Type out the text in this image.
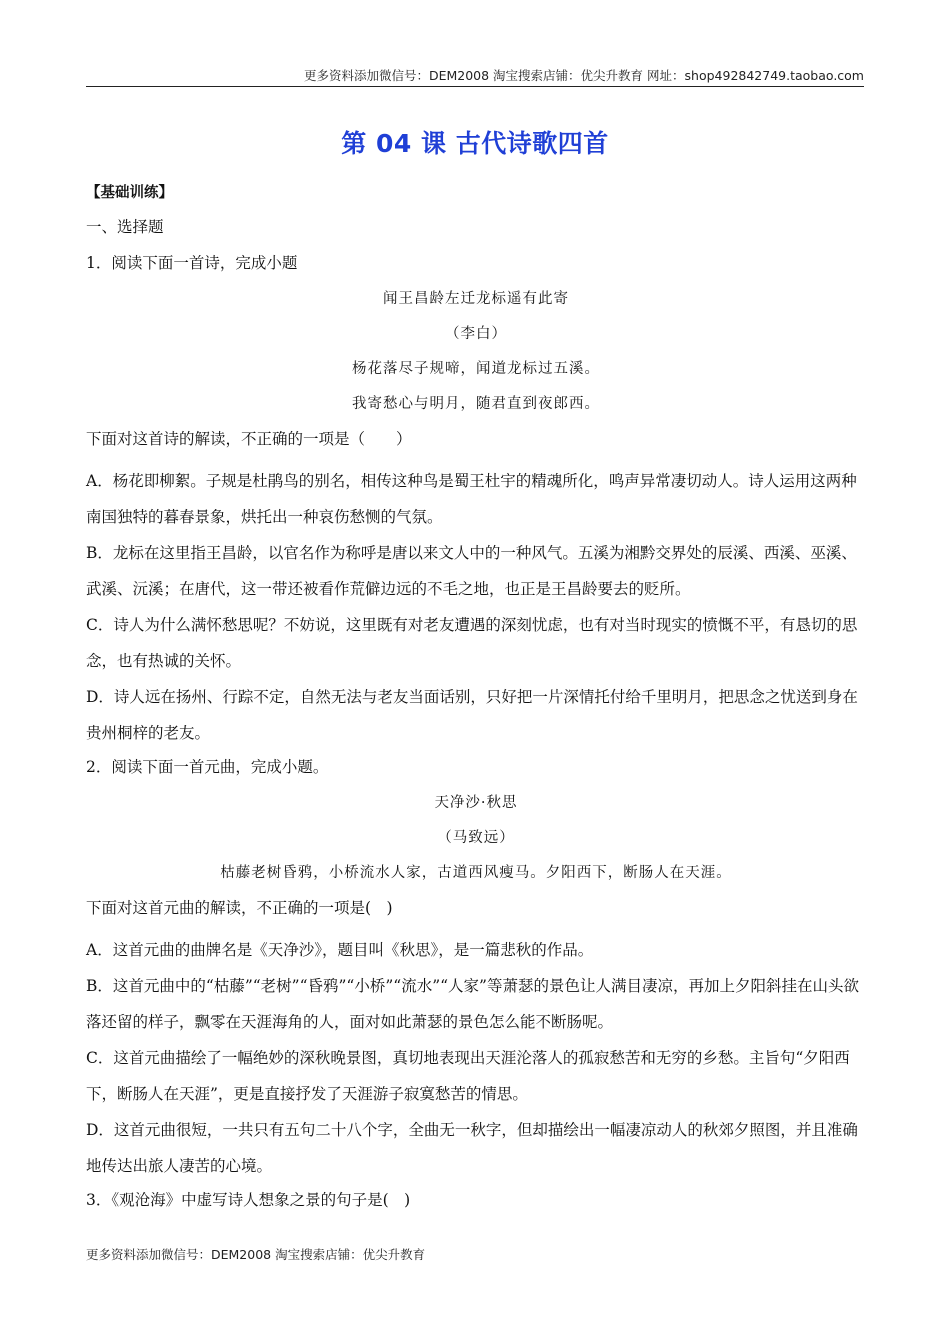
更多资料添加微信号：DEM2008 淘宝搜索店铺：优尖升教育 网址：shop492842749.taobao.com
第 04 课 古代诗歌四首

【基础训练】

一、选择题

1．阅读下面一首诗，完成小题

闻王昌龄左迁龙标遥有此寄

（李白）

杨花落尽子规啼，闻道龙标过五溪。

我寄愁心与明月，随君直到夜郎西。

下面对这首诗的解读，不正确的一项是（　　）

A．杨花即柳絮。子规是杜鹃鸟的别名，相传这种鸟是蜀王杜宇的精魂所化，鸣声异常凄切动人。诗人运用这两种南国独特的暮春景象，烘托出一种哀伤愁恻的气氛。

B．龙标在这里指王昌龄，以官名作为称呼是唐以来文人中的一种风气。五溪为湘黔交界处的辰溪、西溪、巫溪、武溪、沅溪；在唐代，这一带还被看作荒僻边远的不毛之地，也正是王昌龄要去的贬所。

C．诗人为什么满怀愁思呢？不妨说，这里既有对老友遭遇的深刻忧虑，也有对当时现实的愤慨不平，有恳切的思念，也有热诚的关怀。

D．诗人远在扬州、行踪不定，自然无法与老友当面话别，只好把一片深情托付给千里明月，把思念之忧送到身在贵州桐梓的老友。

2．阅读下面一首元曲，完成小题。

天净沙·秋思

（马致远）

枯藤老树昏鸦，小桥流水人家，古道西风瘦马。夕阳西下，断肠人在天涯。

下面对这首元曲的解读，不正确的一项是(　)

A．这首元曲的曲牌名是《天净沙》，题目叫《秋思》，是一篇悲秋的作品。

B．这首元曲中的“枯藤”“老树”“昏鸦”“小桥”“流水”“人家”等萧瑟的景色让人满目凄凉，再加上夕阳斜挂在山头欲落还留的样子，飘零在天涯海角的人，面对如此萧瑟的景色怎么能不断肠呢。

C．这首元曲描绘了一幅绝妙的深秋晚景图，真切地表现出天涯沦落人的孤寂愁苦和无穷的乡愁。主旨句“夕阳西下，断肠人在天涯”，更是直接抒发了天涯游子寂寞愁苦的情思。

D．这首元曲很短，一共只有五句二十八个字，全曲无一秋字，但却描绘出一幅凄凉动人的秋郊夕照图，并且准确地传达出旅人凄苦的心境。

3．《观沧海》中虚写诗人想象之景的句子是(　)

更多资料添加微信号：DEM2008 淘宝搜索店铺：优尖升教育
